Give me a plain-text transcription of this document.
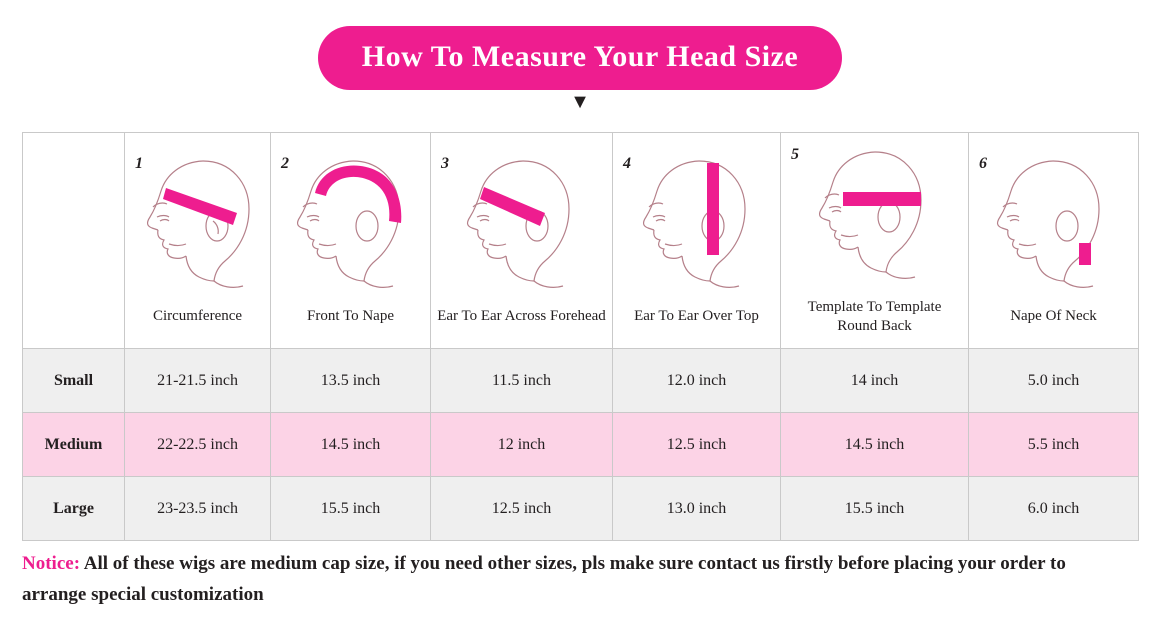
How To Measure Your Head Size
▼

1
Circumference

2
Front To Nape

3
Ear To Ear Across Forehead

4
Ear To Ear Over Top

5
Template To Template Round Back

6
Nape Of Neck

Small	21-21.5 inch	13.5 inch	11.5 inch	12.0 inch	14 inch	5.0 inch
Medium	22-22.5 inch	14.5 inch	12 inch	12.5 inch	14.5 inch	5.5 inch
Large	23-23.5 inch	15.5 inch	12.5 inch	13.0 inch	15.5 inch	6.0 inch
Notice: All of these wigs are medium cap size, if you need other sizes, pls make sure contact us firstly before placing your order to arrange special customization
